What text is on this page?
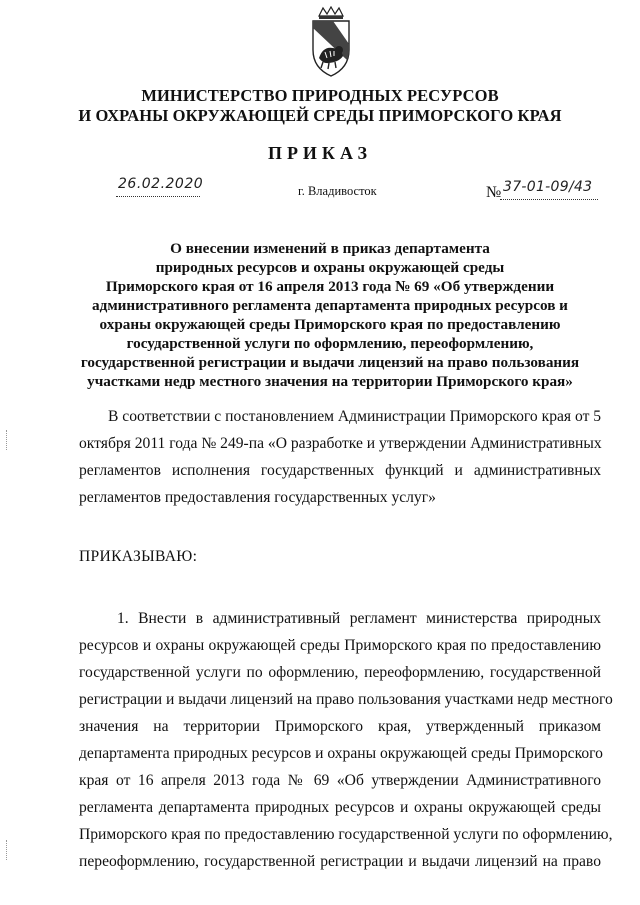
МИНИСТЕРСТВО ПРИРОДНЫХ РЕСУРСОВ
И ОХРАНЫ ОКРУЖАЮЩЕЙ СРЕДЫ ПРИМОРСКОГО КРАЯ
ПРИКАЗ
26.02.2020	г. Владивосток	№ 37-01-09/43
О внесении изменений в приказ департамента
природных ресурсов и охраны окружающей среды
Приморского края от 16 апреля 2013 года № 69 «Об утверждении
административного регламента департамента природных ресурсов и
охраны окружающей среды Приморского края по предоставлению
государственной услуги по оформлению, переоформлению,
государственной регистрации и выдачи лицензий на право пользования
участками недр местного значения на территории Приморского края»
В соответствии с постановлением Администрации Приморского края от 5
октября 2011 года № 249-па «О разработке и утверждении Административных
регламентов исполнения государственных функций и административных
регламентов предоставления государственных услуг»
ПРИКАЗЫВАЮ:
1. Внести в административный регламент министерства природных
ресурсов и охраны окружающей среды Приморского края по предоставлению
государственной услуги по оформлению, переоформлению, государственной
регистрации и выдачи лицензий на право пользования участками недр местного
значения на территории Приморского края, утвержденный приказом
департамента природных ресурсов и охраны окружающей среды Приморского
края от 16 апреля 2013 года № 69 «Об утверждении Административного
регламента департамента природных ресурсов и охраны окружающей среды
Приморского края по предоставлению государственной услуги по оформлению,
переоформлению, государственной регистрации и выдачи лицензий на право
